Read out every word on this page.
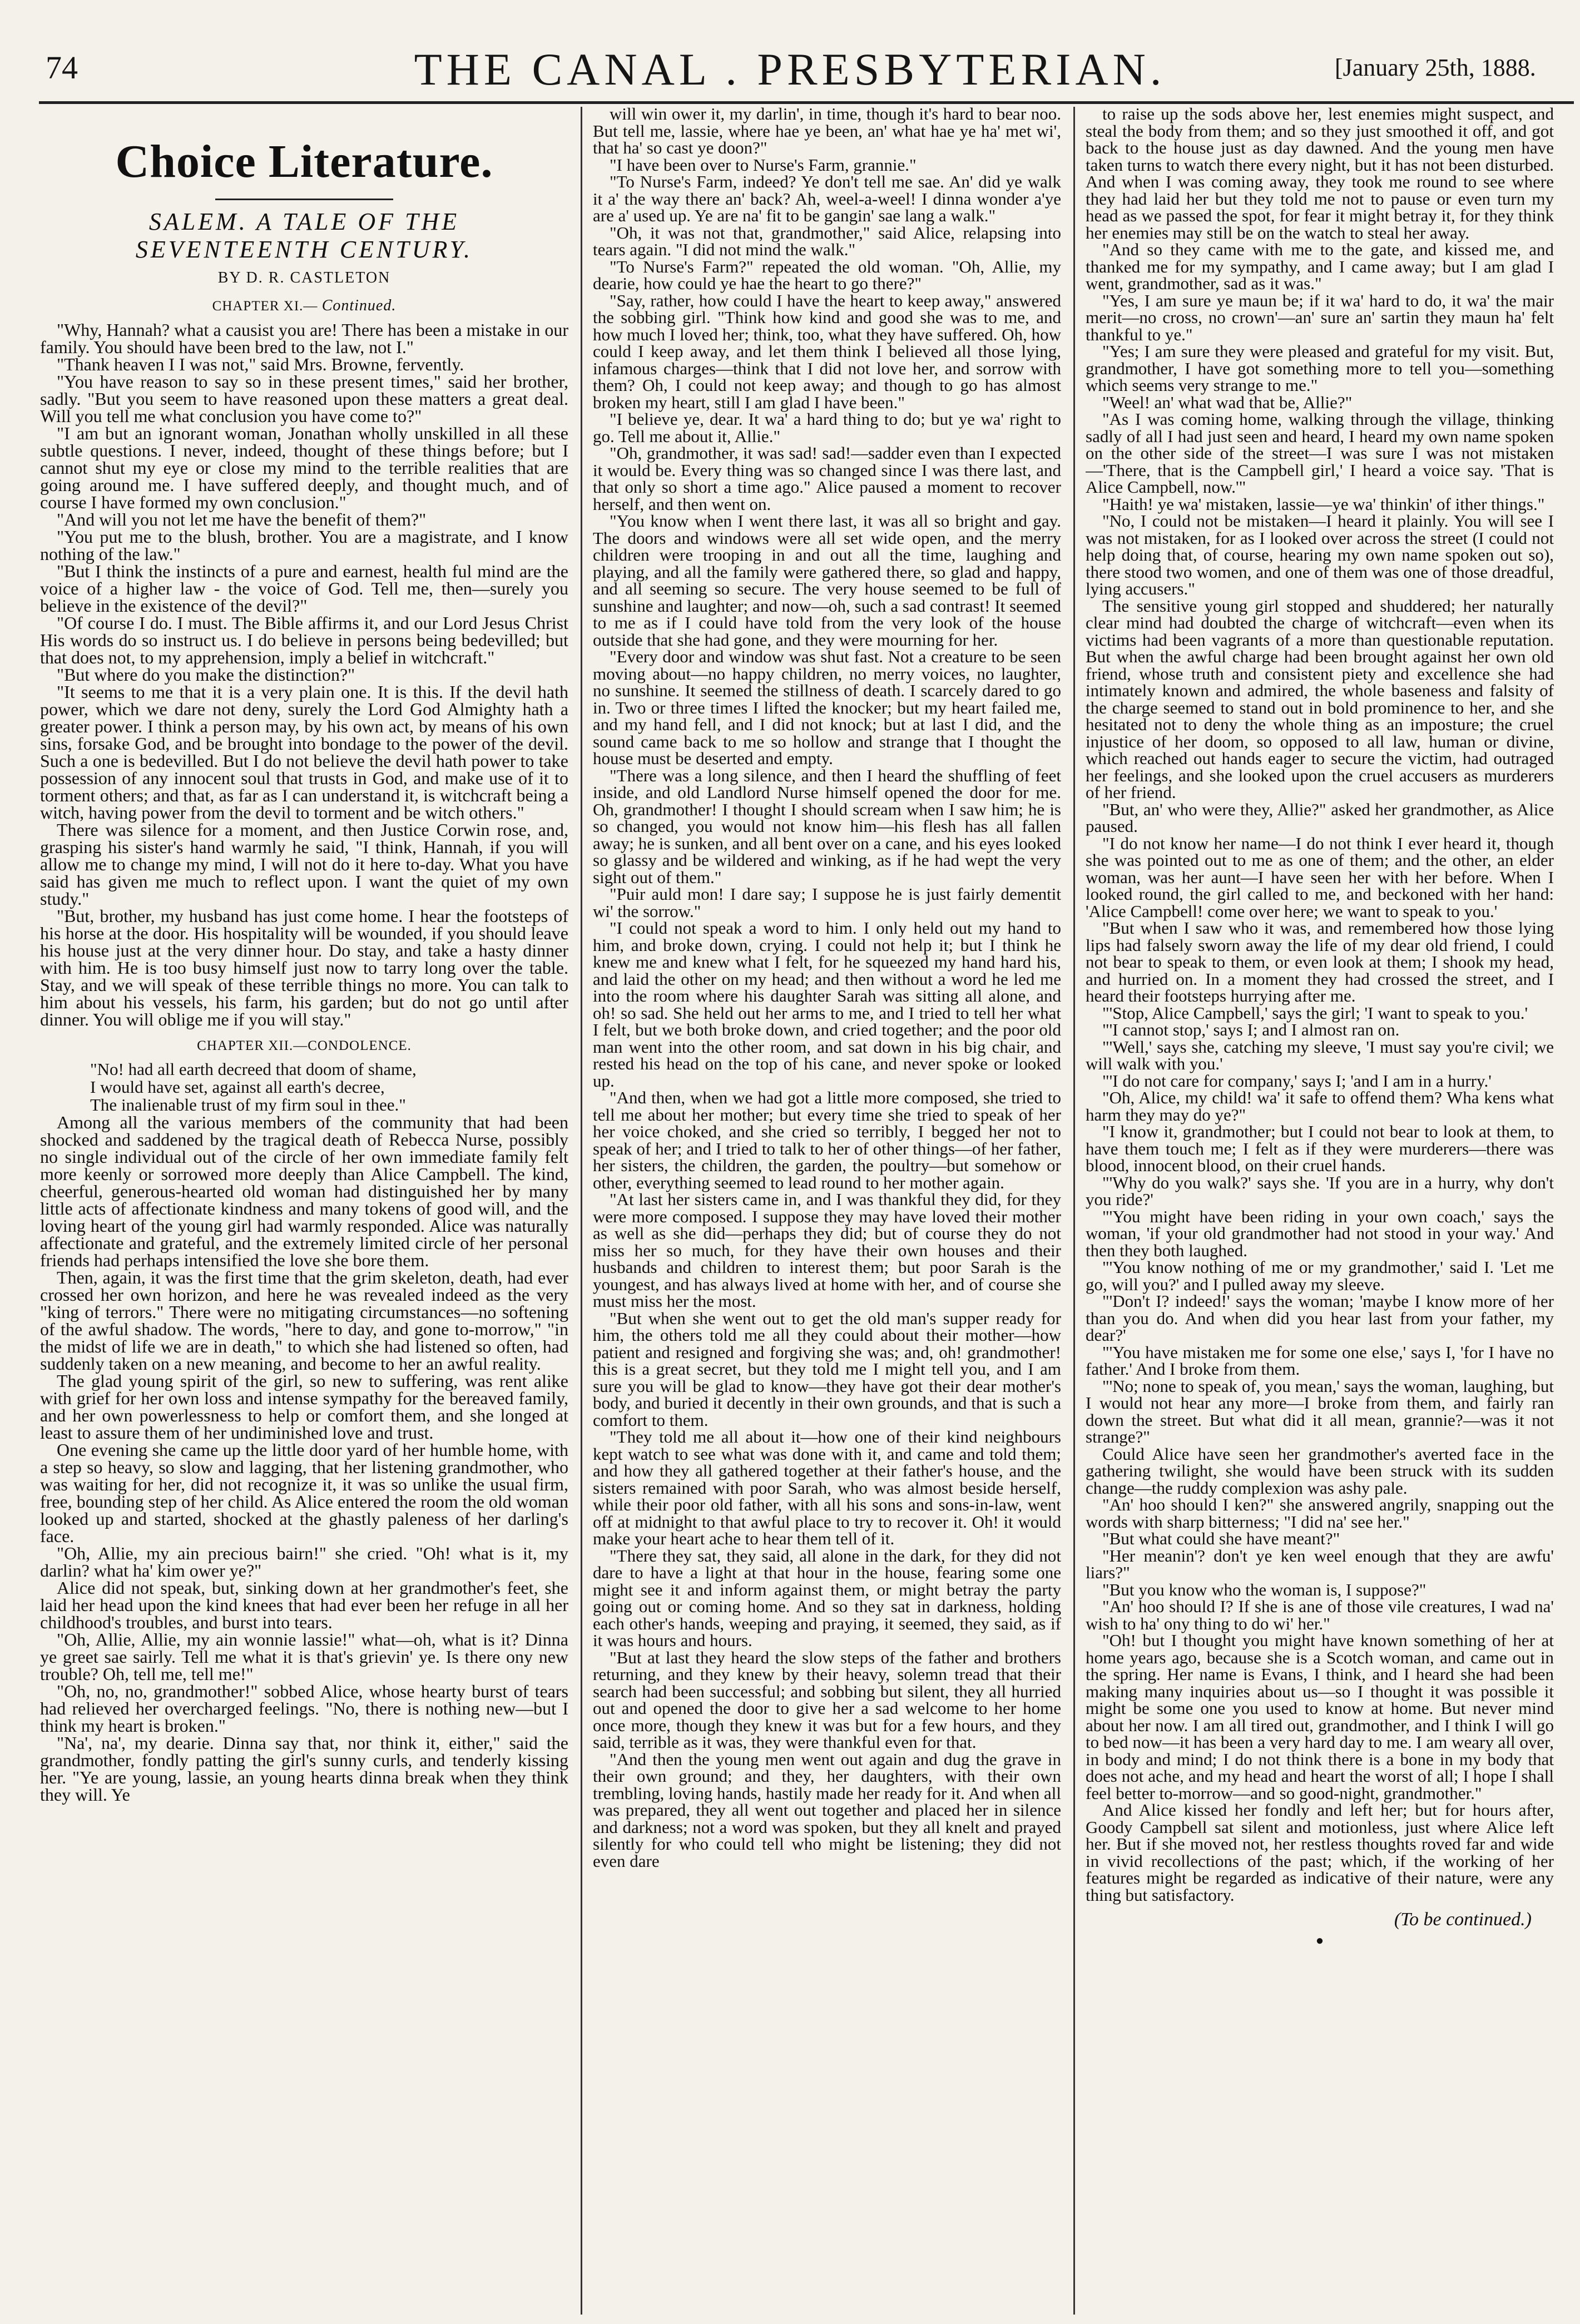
74	THE CANAL . PRESBYTERIAN.	[January 25th, 1888.
Choice Literature.
SALEM. A TALE OF THE SEVENTEENTH CENTURY.
BY D. R. CASTLETON
CHAPTER XI.— Continued.

"Why, Hannah? what a causist you are! There has been a mistake in our family. You should have been bred to the law, not I."

"Thank heaven I I was not," said Mrs. Browne, fervently.

"You have reason to say so in these present times," said her brother, sadly. "But you seem to have reasoned upon these matters a great deal. Will you tell me what conclusion you have come to?"

"I am but an ignorant woman, Jonathan wholly unskilled in all these subtle questions. I never, indeed, thought of these things before; but I cannot shut my eye or close my mind to the terrible realities that are going around me. I have suffered deeply, and thought much, and of course I have formed my own conclusion."

"And will you not let me have the benefit of them?"

"You put me to the blush, brother. You are a magistrate, and I know nothing of the law."

"But I think the instincts of a pure and earnest, health ful mind are the voice of a higher law - the voice of God. Tell me, then—surely you believe in the existence of the devil?"

"Of course I do. I must. The Bible affirms it, and our Lord Jesus Christ His words do so instruct us. I do believe in persons being bedevilled; but that does not, to my apprehension, imply a belief in witchcraft."

"But where do you make the distinction?"

"It seems to me that it is a very plain one. It is this. If the devil hath power, which we dare not deny, surely the Lord God Almighty hath a greater power. I think a person may, by his own act, by means of his own sins, forsake God, and be brought into bondage to the power of the devil. Such a one is bedevilled. But I do not believe the devil hath power to take possession of any innocent soul that trusts in God, and make use of it to torment others; and that, as far as I can understand it, is witchcraft being a witch, having power from the devil to torment and be witch others."

There was silence for a moment, and then Justice Corwin rose, and, grasping his sister's hand warmly he said, "I think, Hannah, if you will allow me to change my mind, I will not do it here to-day. What you have said has given me much to reflect upon. I want the quiet of my own study."

"But, brother, my husband has just come home. I hear the footsteps of his horse at the door. His hospitality will be wounded, if you should leave his house just at the very dinner hour. Do stay, and take a hasty dinner with him. He is too busy himself just now to tarry long over the table. Stay, and we will speak of these terrible things no more. You can talk to him about his vessels, his farm, his garden; but do not go until after dinner. You will oblige me if you will stay."

CHAPTER XII.—CONDOLENCE.

"No! had all earth decreed that doom of shame,

I would have set, against all earth's decree,

The inalienable trust of my firm soul in thee."

Among all the various members of the community that had been shocked and saddened by the tragical death of Rebecca Nurse, possibly no single individual out of the circle of her own immediate family felt more keenly or sorrowed more deeply than Alice Campbell. The kind, cheerful, generous-hearted old woman had distinguished her by many little acts of affectionate kindness and many tokens of good will, and the loving heart of the young girl had warmly responded. Alice was naturally affectionate and grateful, and the extremely limited circle of her personal friends had perhaps intensified the love she bore them.

Then, again, it was the first time that the grim skeleton, death, had ever crossed her own horizon, and here he was revealed indeed as the very "king of terrors." There were no mitigating circumstances—no softening of the awful shadow. The words, "here to day, and gone to-morrow," "in the midst of life we are in death," to which she had listened so often, had suddenly taken on a new meaning, and become to her an awful reality.

The glad young spirit of the girl, so new to suffering, was rent alike with grief for her own loss and intense sympathy for the bereaved family, and her own powerlessness to help or comfort them, and she longed at least to assure them of her undiminished love and trust.

One evening she came up the little door yard of her humble home, with a step so heavy, so slow and lagging, that her listening grandmother, who was waiting for her, did not recognize it, it was so unlike the usual firm, free, bounding step of her child. As Alice entered the room the old woman looked up and started, shocked at the ghastly paleness of her darling's face.

"Oh, Allie, my ain precious bairn!" she cried. "Oh! what is it, my darlin? what ha' kim ower ye?"

Alice did not speak, but, sinking down at her grandmother's feet, she laid her head upon the kind knees that had ever been her refuge in all her childhood's troubles, and burst into tears.

"Oh, Allie, Allie, my ain wonnie lassie!" what—oh, what is it? Dinna ye greet sae sairly. Tell me what it is that's grievin' ye. Is there ony new trouble? Oh, tell me, tell me!"

"Oh, no, no, grandmother!" sobbed Alice, whose hearty burst of tears had relieved her overcharged feelings. "No, there is nothing new—but I think my heart is broken."

"Na', na', my dearie. Dinna say that, nor think it, either," said the grandmother, fondly patting the girl's sunny curls, and tenderly kissing her. "Ye are young, lassie, an young hearts dinna break when they think they will. Ye

will win ower it, my darlin', in time, though it's hard to bear noo. But tell me, lassie, where hae ye been, an' what hae ye ha' met wi', that ha' so cast ye doon?"

"I have been over to Nurse's Farm, grannie."

"To Nurse's Farm, indeed? Ye don't tell me sae. An' did ye walk it a' the way there an' back? Ah, weel-a-weel! I dinna wonder a'ye are a' used up. Ye are na' fit to be gangin' sae lang a walk."

"Oh, it was not that, grandmother," said Alice, relapsing into tears again. "I did not mind the walk."

"To Nurse's Farm?" repeated the old woman. "Oh, Allie, my dearie, how could ye hae the heart to go there?"

"Say, rather, how could I have the heart to keep away," answered the sobbing girl. "Think how kind and good she was to me, and how much I loved her; think, too, what they have suffered. Oh, how could I keep away, and let them think I believed all those lying, infamous charges—think that I did not love her, and sorrow with them? Oh, I could not keep away; and though to go has almost broken my heart, still I am glad I have been."

"I believe ye, dear. It wa' a hard thing to do; but ye wa' right to go. Tell me about it, Allie."

"Oh, grandmother, it was sad! sad!—sadder even than I expected it would be. Every thing was so changed since I was there last, and that only so short a time ago." Alice paused a moment to recover herself, and then went on.

"You know when I went there last, it was all so bright and gay. The doors and windows were all set wide open, and the merry children were trooping in and out all the time, laughing and playing, and all the family were gathered there, so glad and happy, and all seeming so secure. The very house seemed to be full of sunshine and laughter; and now—oh, such a sad contrast! It seemed to me as if I could have told from the very look of the house outside that she had gone, and they were mourning for her.

"Every door and window was shut fast. Not a creature to be seen moving about—no happy children, no merry voices, no laughter, no sunshine. It seemed the stillness of death. I scarcely dared to go in. Two or three times I lifted the knocker; but my heart failed me, and my hand fell, and I did not knock; but at last I did, and the sound came back to me so hollow and strange that I thought the house must be deserted and empty.

"There was a long silence, and then I heard the shuffling of feet inside, and old Landlord Nurse himself opened the door for me. Oh, grandmother! I thought I should scream when I saw him; he is so changed, you would not know him—his flesh has all fallen away; he is sunken, and all bent over on a cane, and his eyes looked so glassy and be wildered and winking, as if he had wept the very sight out of them."

"Puir auld mon! I dare say; I suppose he is just fairly dementit wi' the sorrow."

"I could not speak a word to him. I only held out my hand to him, and broke down, crying. I could not help it; but I think he knew me and knew what I felt, for he squeezed my hand hard his, and laid the other on my head; and then without a word he led me into the room where his daughter Sarah was sitting all alone, and oh! so sad. She held out her arms to me, and I tried to tell her what I felt, but we both broke down, and cried together; and the poor old man went into the other room, and sat down in his big chair, and rested his head on the top of his cane, and never spoke or looked up.

"And then, when we had got a little more composed, she tried to tell me about her mother; but every time she tried to speak of her her voice choked, and she cried so terribly, I begged her not to speak of her; and I tried to talk to her of other things—of her father, her sisters, the children, the garden, the poultry—but somehow or other, everything seemed to lead round to her mother again.

"At last her sisters came in, and I was thankful they did, for they were more composed. I suppose they may have loved their mother as well as she did—perhaps they did; but of course they do not miss her so much, for they have their own houses and their husbands and children to interest them; but poor Sarah is the youngest, and has always lived at home with her, and of course she must miss her the most.

"But when she went out to get the old man's supper ready for him, the others told me all they could about their mother—how patient and resigned and forgiving she was; and, oh! grandmother! this is a great secret, but they told me I might tell you, and I am sure you will be glad to know—they have got their dear mother's body, and buried it decently in their own grounds, and that is such a comfort to them.

"They told me all about it—how one of their kind neighbours kept watch to see what was done with it, and came and told them; and how they all gathered together at their father's house, and the sisters remained with poor Sarah, who was almost beside herself, while their poor old father, with all his sons and sons-in-law, went off at midnight to that awful place to try to recover it. Oh! it would make your heart ache to hear them tell of it.

"There they sat, they said, all alone in the dark, for they did not dare to have a light at that hour in the house, fearing some one might see it and inform against them, or might betray the party going out or coming home. And so they sat in darkness, holding each other's hands, weeping and praying, it seemed, they said, as if it was hours and hours.

"But at last they heard the slow steps of the father and brothers returning, and they knew by their heavy, solemn tread that their search had been successful; and sobbing but silent, they all hurried out and opened the door to give her a sad welcome to her home once more, though they knew it was but for a few hours, and they said, terrible as it was, they were thankful even for that.

"And then the young men went out again and dug the grave in their own ground; and they, her daughters, with their own trembling, loving hands, hastily made her ready for it. And when all was prepared, they all went out together and placed her in silence and darkness; not a word was spoken, but they all knelt and prayed silently for who could tell who might be listening; they did not even dare

to raise up the sods above her, lest enemies might suspect, and steal the body from them; and so they just smoothed it off, and got back to the house just as day dawned. And the young men have taken turns to watch there every night, but it has not been disturbed. And when I was coming away, they took me round to see where they had laid her but they told me not to pause or even turn my head as we passed the spot, for fear it might betray it, for they think her enemies may still be on the watch to steal her away.

"And so they came with me to the gate, and kissed me, and thanked me for my sympathy, and I came away; but I am glad I went, grandmother, sad as it was."

"Yes, I am sure ye maun be; if it wa' hard to do, it wa' the mair merit—no cross, no crown'—an' sure an' sartin they maun ha' felt thankful to ye."

"Yes; I am sure they were pleased and grateful for my visit. But, grandmother, I have got something more to tell you—something which seems very strange to me."

"Weel! an' what wad that be, Allie?"

"As I was coming home, walking through the village, thinking sadly of all I had just seen and heard, I heard my own name spoken on the other side of the street—I was sure I was not mistaken—'There, that is the Campbell girl,' I heard a voice say. 'That is Alice Campbell, now.'"

"Haith! ye wa' mistaken, lassie—ye wa' thinkin' of ither things."

"No, I could not be mistaken—I heard it plainly. You will see I was not mistaken, for as I looked over across the street (I could not help doing that, of course, hearing my own name spoken out so), there stood two women, and one of them was one of those dreadful, lying accusers."

The sensitive young girl stopped and shuddered; her naturally clear mind had doubted the charge of witchcraft—even when its victims had been vagrants of a more than questionable reputation. But when the awful charge had been brought against her own old friend, whose truth and consistent piety and excellence she had intimately known and admired, the whole baseness and falsity of the charge seemed to stand out in bold prominence to her, and she hesitated not to deny the whole thing as an imposture; the cruel injustice of her doom, so opposed to all law, human or divine, which reached out hands eager to secure the victim, had outraged her feelings, and she looked upon the cruel accusers as murderers of her friend.

"But, an' who were they, Allie?" asked her grandmother, as Alice paused.

"I do not know her name—I do not think I ever heard it, though she was pointed out to me as one of them; and the other, an elder woman, was her aunt—I have seen her with her before. When I looked round, the girl called to me, and beckoned with her hand: 'Alice Campbell! come over here; we want to speak to you.'

"But when I saw who it was, and remembered how those lying lips had falsely sworn away the life of my dear old friend, I could not bear to speak to them, or even look at them; I shook my head, and hurried on. In a moment they had crossed the street, and I heard their footsteps hurrying after me.

"'Stop, Alice Campbell,' says the girl; 'I want to speak to you.'

"'I cannot stop,' says I; and I almost ran on.

"'Well,' says she, catching my sleeve, 'I must say you're civil; we will walk with you.'

"'I do not care for company,' says I; 'and I am in a hurry.'

"Oh, Alice, my child! wa' it safe to offend them? Wha kens what harm they may do ye?"

"I know it, grandmother; but I could not bear to look at them, to have them touch me; I felt as if they were murderers—there was blood, innocent blood, on their cruel hands.

"'Why do you walk?' says she. 'If you are in a hurry, why don't you ride?'

"'You might have been riding in your own coach,' says the woman, 'if your old grandmother had not stood in your way.' And then they both laughed.

"'You know nothing of me or my grandmother,' said I. 'Let me go, will you?' and I pulled away my sleeve.

"'Don't I? indeed!' says the woman; 'maybe I know more of her than you do. And when did you hear last from your father, my dear?'

"'You have mistaken me for some one else,' says I, 'for I have no father.' And I broke from them.

"'No; none to speak of, you mean,' says the woman, laughing, but I would not hear any more—I broke from them, and fairly ran down the street. But what did it all mean, grannie?—was it not strange?"

Could Alice have seen her grandmother's averted face in the gathering twilight, she would have been struck with its sudden change—the ruddy complexion was ashy pale.

"An' hoo should I ken?" she answered angrily, snapping out the words with sharp bitterness; "I did na' see her."

"But what could she have meant?"

"Her meanin'? don't ye ken weel enough that they are awfu' liars?"

"But you know who the woman is, I suppose?"

"An' hoo should I? If she is ane of those vile creatures, I wad na' wish to ha' ony thing to do wi' her."

"Oh! but I thought you might have known something of her at home years ago, because she is a Scotch woman, and came out in the spring. Her name is Evans, I think, and I heard she had been making many inquiries about us—so I thought it was possible it might be some one you used to know at home. But never mind about her now. I am all tired out, grandmother, and I think I will go to bed now—it has been a very hard day to me. I am weary all over, in body and mind; I do not think there is a bone in my body that does not ache, and my head and heart the worst of all; I hope I shall feel better to-morrow—and so good-night, grandmother."

And Alice kissed her fondly and left her; but for hours after, Goody Campbell sat silent and motionless, just where Alice left her. But if she moved not, her restless thoughts roved far and wide in vivid recollections of the past; which, if the working of her features might be regarded as indicative of their nature, were any thing but satisfactory.

(To be continued.)

●
